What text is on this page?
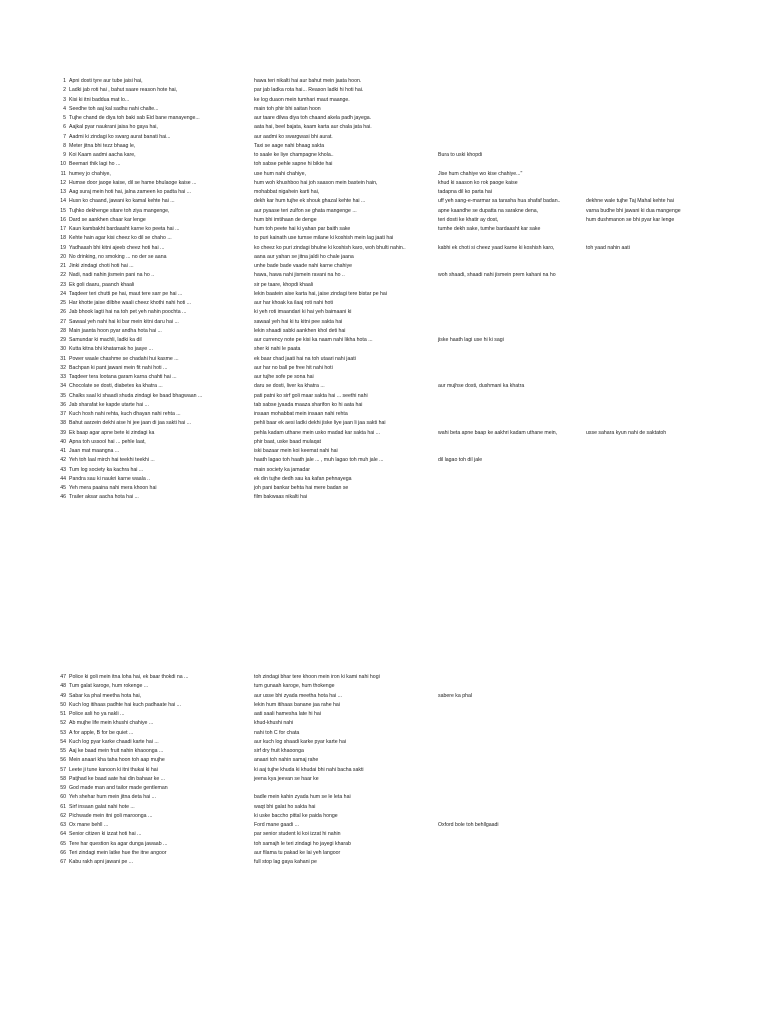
1 Apni dosti tyre aur tube jaisi hai,	hawa teri nikalti hai aur bahut mein jaata hoon.
2 Ladki jab roti hai , bahut saare reason hote hai,	par jab ladka rota hai... Reason ladki hi hoti hai.
3 Kisi ki itni baddua mat lo...	ke log duaon mein tumhari maut maange.
4 Seedhe toh aaj kal sadhu nahi chalte...	main toh phir bhi saitan hoon
5 Tujhe chand de diya toh baki sab Eid bane manayenge...	aur taare dilwa diya toh chaand akela padh jayega.
6 Aajkal pyar naukrani jaisa ho gaya hai,	aata hai, beel bajata, kaam karta aur chala jata hai.
7 Aadmi ki zindagi ko swarg aurat banati hai...	aur aadmi ko swargwasi bhi aurat.
8 Meter jitna bhi tezz bhaag le,	Taxi se aage nahi bhaag sakta
9 Koi Kaam aadmi aacha kare,	to saale ke liye champagne khola..	Bura to uski khopdi
10 Beemari thik lagi ho ...	toh sabse pehle sapne hi bikte hai
11 humey jo chahiye,	use hum nahi chahiye,	Jise hum chahiye wo kise chahiye..."
12 Humse door jaoge kaise, dil se hame bhulaoge kaise ...	hum woh khushboo hai joh saason mein bastein hain,	khud ki saason ko rok paoge kaise
13 Aag suraj mein hoti hai, jalna zameen ko padta hai ...	mohabbat nigahein karti hai,	tadapna dil ko parta hai
14 Husn ko chaand, jawani ko kamal kehte hai ...	dekh kar hum tujhe ek shouk ghazal kehte hai ...	uff yeh sang-e-marmar sa tarasha hua shafaf badan..	dekhne wale tujhe Taj Mahal kehte hai
15 Tujhko dekhenge sitare toh ziya mangenge,	aur pyaase teri zulfon se ghata mangenge ...	apne kaandhe se dupatta na sarakne dena,	varna budhe bhi jawani ki dua mangenge
16 Dard se aankhen chaar kar lenge	hum bhi imtihaan de denge	teri dosti ke khatir ay dost,	hum dushmanon se bhi pyar kar lenge
17 Kaun kambakht bardaasht karne ko peeta hai ...	hum toh peete hai ki yahan par baith sake	tumhe dekh sake, tumhe bardaasht kar sake
18 Kehte hain agar kisi cheez ko dil se chaho ...	to puri kainath use tumse milane ki koshish mein lag jaati hai
19 Yadhaash bhi kitni ajeeb cheez hoti hai ...	ko cheez ko puri zindagi bhulne ki koshish karo, woh bhulti nahin..	kabhi ek choti si cheez yaad karne ki koshish karo,	toh yaad nahin aati
20 No drinking, no smoking ... no der se aana	aana aur yahan se jitna jaldi ho chale jaana
21 Jinki zindagi choti hoti hai ...	unhe bade bade vaade nahi karne chahiye
22 Nadi, nadi nahin jismein pani na ho ..	hawa, hawa nahi jismein ravani na ho ..	woh shaadi, shaadi nahi jismein prem kahani na ho
23 Ek goli daaru, paanch khaali	sir pe taare, khopdi khaali
24 Taqdeer teri chutti pe hai, maut tere sarr pe hai ...	lekin baatein aise karta hai, jaise zindagi tere bistar pe hai
25 Har khotte jaise dilbhe waali cheez khothi nahi hoti ...	aur har khoak ka ilaaj roti nahi hoti
26 Jab bhook lagti hai na toh pet yeh nahin poochta ...	ki yeh roti imaandari ki hai yeh baimaani ki
27 Sawaal yeh nahi hai ki bar mein kitni daru hai ...	sawaal yeh hai ki tu kitni pee sakta hai
28 Main jaanta hoon pyar andha hota hai ...	lekin shaadi sabki aankhen khol deti hai
29 Samundar ki machli, ladki ka dil	aur currency note pe kisi ka naam nahi likha hota ...	jiske haath lagi use hi ki sagi
30 Kutta kitna bhi khatarnak ho jaaye ...	sher ki nahi le paata
31 Power waale chashme se chadahi hui kasme ...	ek baar chad jaati hai na toh utaari nahi jaati
32 Bachpan ki pant jawani mein fit nahi hoti ...	aur har no ball pe free hit nahi hoti
33 Taqdeer tera lootana garam karna chahti hai ...	aur tujhe sofe pe sona hai
34 Chocolate se dosti, diabetes ka khatra ...	daru se dosti, liver ka khatra ...	aur mujhse dosti, dushmani ka khatra
35 Chalks saal ki shaadi shuda zindagi ke baad bhagwaan ...	pati patni ko sirf goli maar sakta hai ... seethi nahi
36 Jab sharafat ke kapde utarte hai ...	tab sabse jyaada maaza sharifon ko hi aata hai
37 Kuch hosh nahi rehta, kuch dhayan nahi rehta ...	insaan mohabbat mein insaan nahi rehta
38 Bahut aarzein dekhi aise hi jee jaan di jaa sakti hai ...	pehli baar ek aesi ladki dekhi jiske liye jaan li jaa sakti hai
39 Ek baap agar apne bete ki zindagi ka	pehla kadam uthane mein usko madad kar sakta hai ...	wahi beta apne baap ke aakhri kadam uthane mein,	usse sahara kyun nahi de saktatoh
40 Apna toh ussool hai ... pehle laat,	phir baat, uske baad mulaqat
41 Jaan mat maangna ...	iski bazaar mein koi keemat nahi hai
42 Yeh toh laal mirch hai teekhi teekhi ...	haath lagao toh haath jale ... , muh lagao toh muh jale ...	dil lagao toh dil jale
43 Tum log society ka kachra hai ...	main society ka jamadar
44 Pandra sau ki naukri karne waala ..	ek din tujhe dedh sau ka kafan pehnayega
45 Yeh mera paaina nahi mera khoon hai	joh pani bankar behta hai mere badan se
46 Trailer aksar aacha hota hai ...	film bakwaas nikalti hai
47 Police ki goli mein itna loha hai, ek baar thokdi na ...	toh zindagi bhar tere khoon mein iron ki kami nahi hogi
48 Tum galat karoge, hum rokenge ...	tum gunaah karoge, hum thokenge
49 Sabar ka phal meetha hota hai,	aur usse bhi zyada meetha hota hai ...	sabere ka phal
50 Kuch log itihaas padhte hai kuch padhaate hai ...	lekin hum itihaas banane jaa rahe hai
51 Police asli ho ya nakli ...	aati saali hamesha late hi hai
52 Ab mujhe life mein khushi chahiye ...	khud-khushi nahi
53 A for apple, B for be quiet ...	nahi toh C for chata
54 Kuch log pyar karke chaadi karte hai ...	aur kuch log shaadi karke pyar karte hai
55 Aaj ke baad mein fruit nahin khaoonga ...	sirf dry fruit khaoonga
56 Mein anaari kha taha hoon toh aap mujhe	anaari toh nahin samaj rahe
57 Leete ji tune kanoon ki itni thukai ki hai	ki aaj tujhe khuda ki khudai bhi nahi bacha sakti
58 Patjhad ke baad aate hai din bahaar ke ...	jeena kya jeevan se haar ke
59 God made man and tailor made gentleman
60 Yeh shehar hum mein jitna deta hai ...	badle mein kahin zyada hum se le leta hai
61 Sirf insaan galat nahi hote ...	waqt bhi galat ho sakta hai
62 Pichwade mein itni goli maroonga ...	ki uske baccho pittal ke paida honge
63 Ox mane behll ...	Ford mane gaadi ...	Oxford bole toh behllgaadi
64 Senior citizen ki izzat hoti hai ...	par senior student ki koi izzat hi nahin
65 Tere har question ka agar dunga jawaab ...	toh samajh le teri zindagi ho jayegi kharab
66 Teri zindagi mein latke hue the itne angoor	aur filama tu pakad ke lai yeh langoor
67 Kabu rakh apni jawani pe ...	full stop lag gaya kahani pe
